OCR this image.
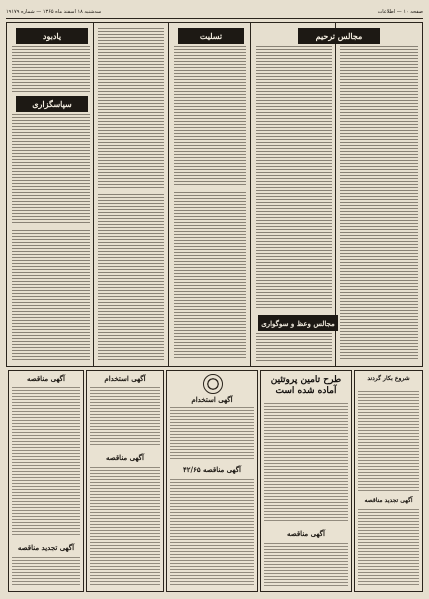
سه‌شنبه ۱۸ اسفند ماه ۱۳۶۵ — شماره ۱۹۱۷۹	صفحه ۱۰ — اطلاعات
یادبود	تسلیت	مجالس ترحیم
سپاسگزاری
مجالس وعظ و سوگواری
آگهی مناقصه
آگهی تجدید مناقصه
آگهی استخدام
آگهی مناقصه
آگهی استخدام
آگهی مناقصه ۴۲/۶۵
طرح تامین پروتئین آماده شده است
آگهی مناقصه
شروع بکار گردند
آگهی تجدید مناقصه
